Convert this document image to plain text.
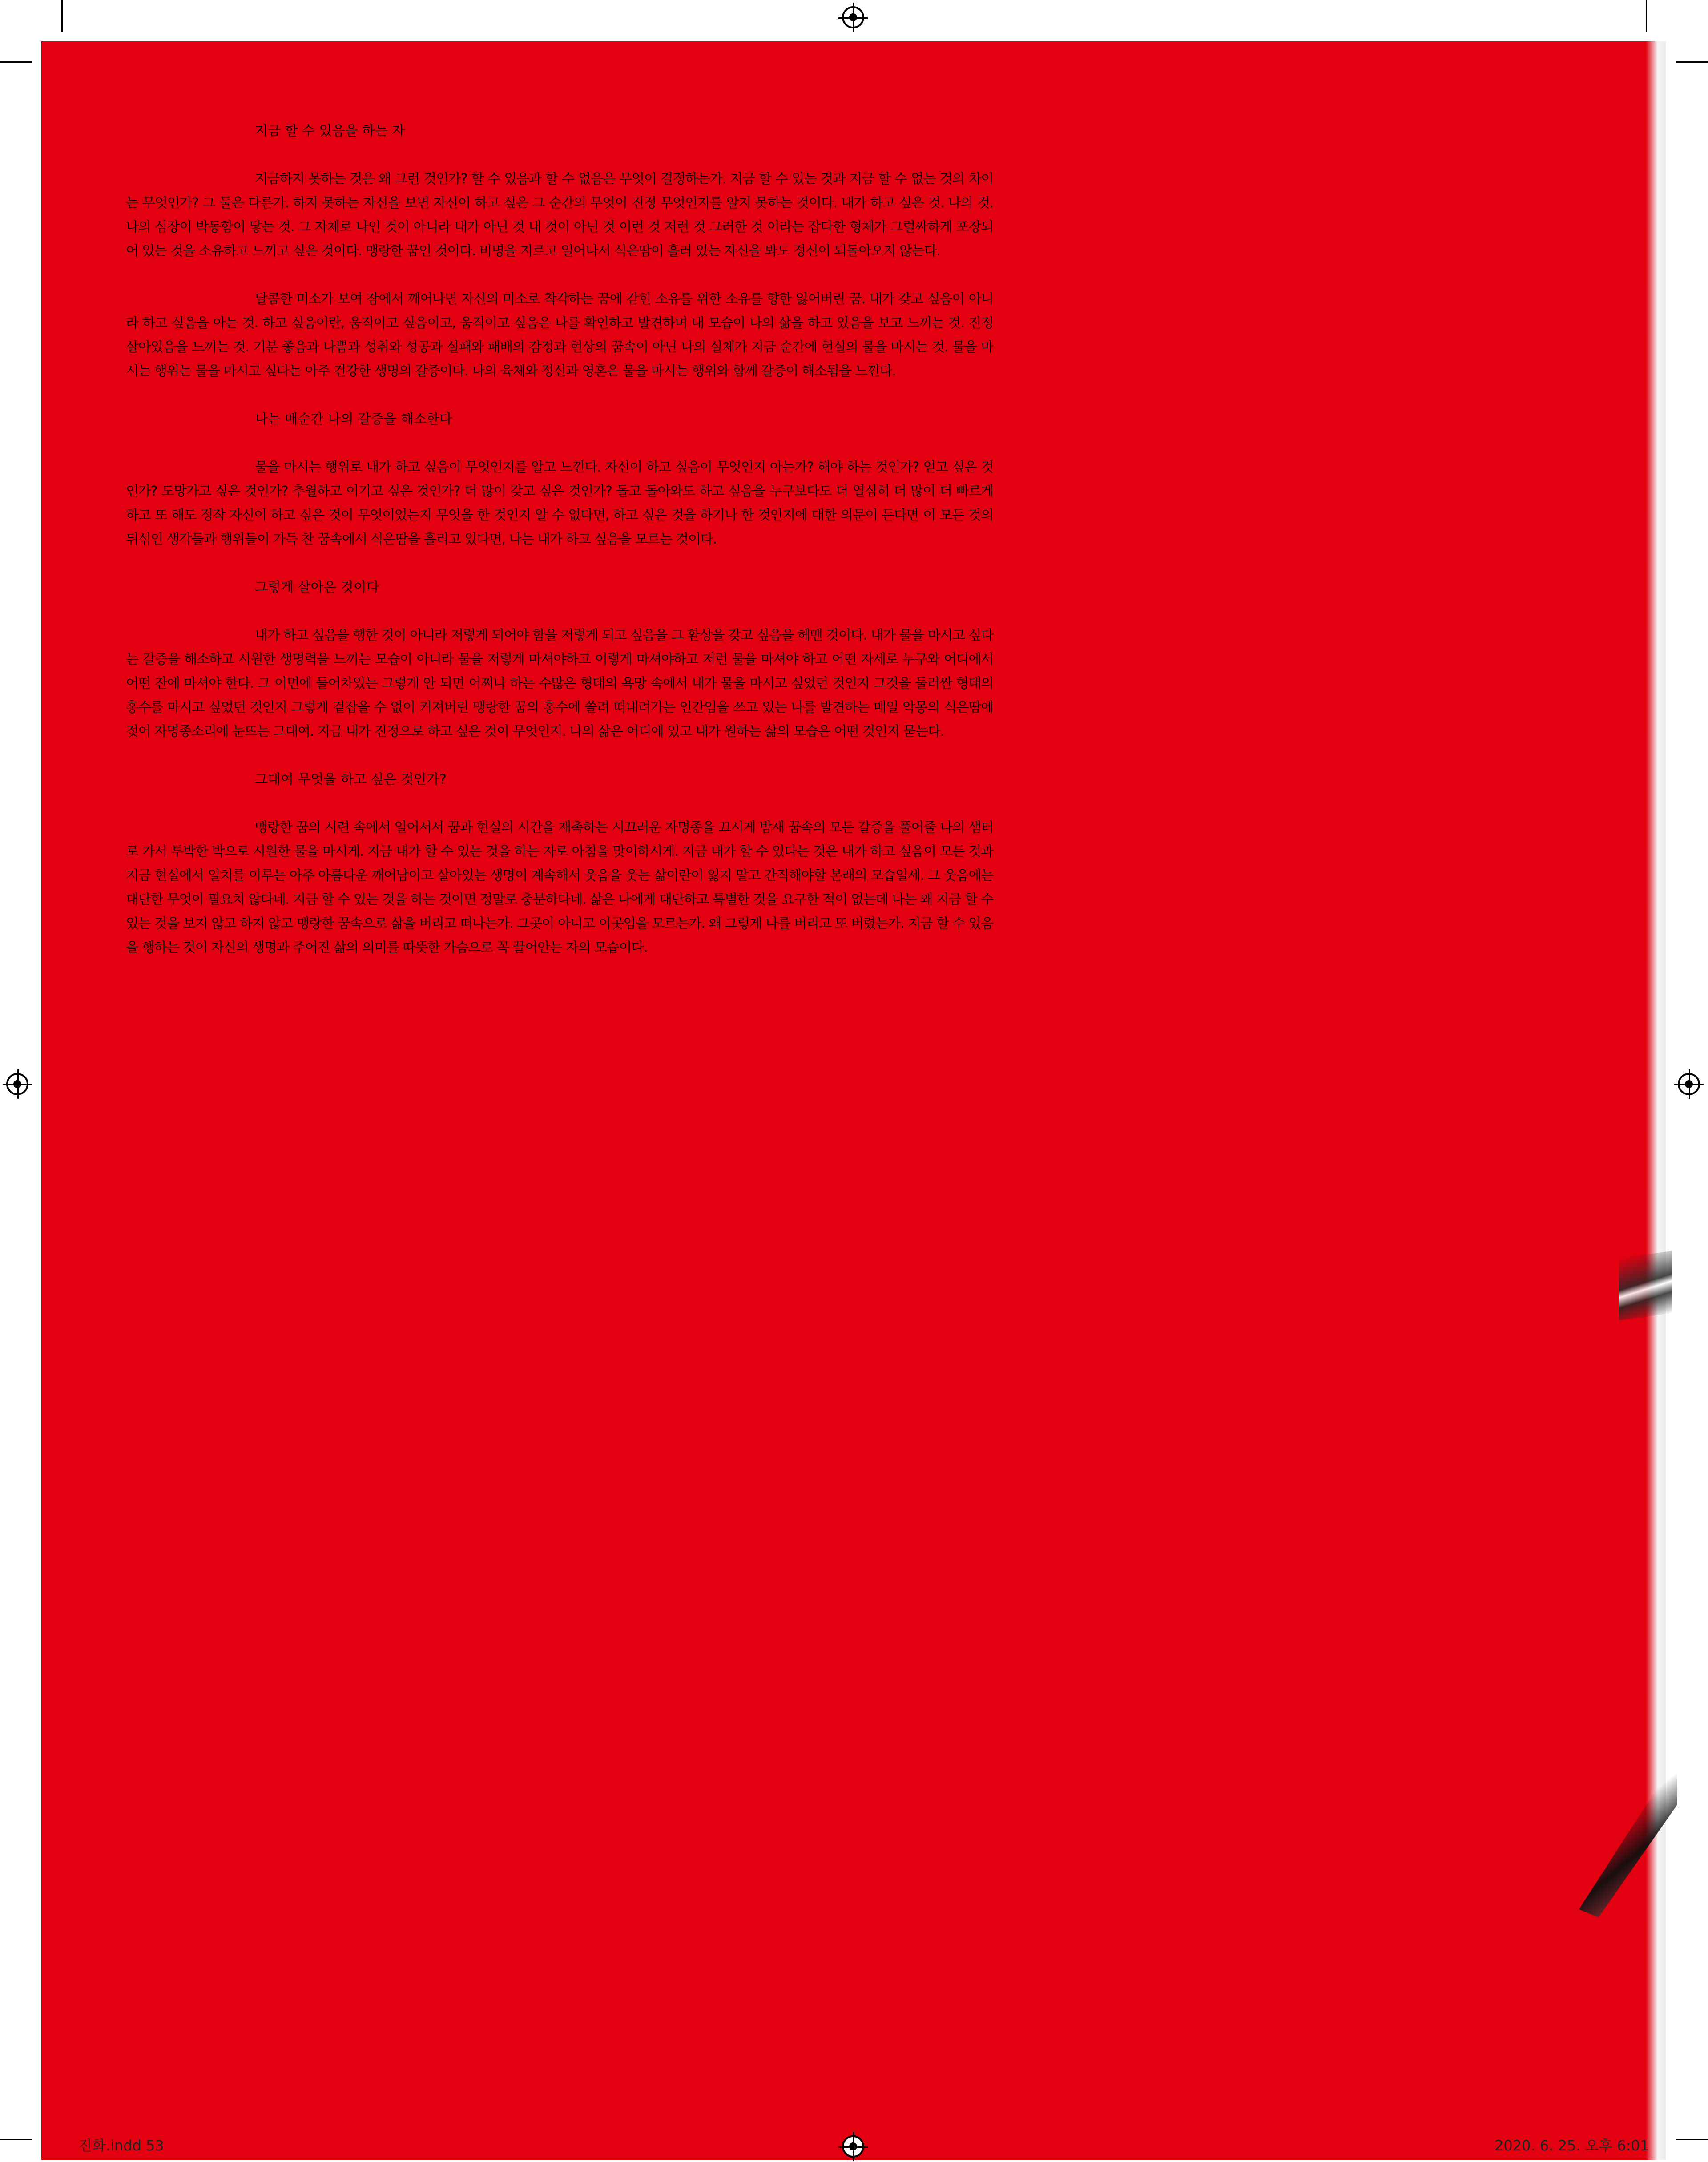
지금 할 수 있음을 하는 자

지금하지 못하는 것은 왜 그런 것인가? 할 수 있음과 할 수 없음은 무엇이 결정하는가. 지금 할 수 있는 것과 지금 할 수 없는 것의 차이는 무엇인가? 그 둘은 다른가. 하지 못하는 자신을 보면 자신이 하고 싶은 그 순간의 무엇이 진정 무엇인지를 알지 못하는 것이다. 내가 하고 싶은 것. 나의 것. 나의 심장이 박동함이 닿는 것. 그 자체로 나인 것이 아니라 내가 아닌 것 내 것이 아닌 것 이런 것 저런 것 그러한 것 이라는 잡다한 형체가 그럴싸하게 포장되어 있는 것을 소유하고 느끼고 싶은 것이다. 맹랑한 꿈인 것이다. 비명을 지르고 일어나서 식은땀이 흘러 있는 자신을 봐도 정신이 되돌아오지 않는다.

달콤한 미소가 보여 잠에서 깨어나면 자신의 미소로 착각하는 꿈에 갇힌 소유를 위한 소유를 향한 잃어버린 꿈. 내가 갖고 싶음이 아니라 하고 싶음을 아는 것. 하고 싶음이란, 움직이고 싶음이고, 움직이고 싶음은 나를 확인하고 발견하며 내 모습이 나의 삶을 하고 있음을 보고 느끼는 것. 진정 살아있음을 느끼는 것. 기분 좋음과 나쁨과 성취와 성공과 실패와 패배의 감정과 현상의 꿈속이 아닌 나의 실체가 지금 순간에 현실의 물을 마시는 것. 물을 마시는 행위는 물을 마시고 싶다는 아주 건강한 생명의 갈증이다. 나의 육체와 정신과 영혼은 물을 마시는 행위와 함께 갈증이 해소됨을 느낀다.

나는 매순간 나의 갈증을 해소한다

물을 마시는 행위로 내가 하고 싶음이 무엇인지를 알고 느낀다. 자신이 하고 싶음이 무엇인지 아는가? 해야 하는 것인가? 얻고 싶은 것인가? 도망가고 싶은 것인가? 추월하고 이기고 싶은 것인가? 더 많이 갖고 싶은 것인가? 돌고 돌아와도 하고 싶음을 누구보다도 더 열심히 더 많이 더 빠르게 하고 또 해도 정작 자신이 하고 싶은 것이 무엇이었는지 무엇을 한 것인지 알 수 없다면, 하고 싶은 것을 하기나 한 것인지에 대한 의문이 든다면 이 모든 것의 뒤섞인 생각들과 행위들이 가득 찬 꿈속에서 식은땀을 흘리고 있다면, 나는 내가 하고 싶음을 모르는 것이다.

그렇게 살아온 것이다

내가 하고 싶음을 행한 것이 아니라 저렇게 되어야 함을 저렇게 되고 싶음을 그 환상을 갖고 싶음을 헤맨 것이다. 내가 물을 마시고 싶다는 갈증을 해소하고 시원한 생명력을 느끼는 모습이 아니라 물을 저렇게 마셔야하고 이렇게 마셔야하고 저런 물을 마셔야 하고 어떤 자세로 누구와 어디에서 어떤 잔에 마셔야 한다. 그 이면에 들어차있는 그렇게 안 되면 어쩌나 하는 수많은 형태의 욕망 속에서 내가 물을 마시고 싶었던 것인지 그것을 둘러싼 형태의 홍수를 마시고 싶었던 것인지 그렇게 겉잡을 수 없이 커져버린 맹랑한 꿈의 홍수에 쓸려 떠내려가는 인간임을 쓰고 있는 나를 발견하는 매일 악몽의 식은땀에 젖어 자명종소리에 눈뜨는 그대여. 지금 내가 진정으로 하고 싶은 것이 무엇인지. 나의 삶은 어디에 있고 내가 원하는 삶의 모습은 어떤 것인지 묻는다.

그대여 무엇을 하고 싶은 것인가?

맹랑한 꿈의 시련 속에서 일어서서 꿈과 현실의 시간을 재촉하는 시끄러운 자명종을 끄시게 밤새 꿈속의 모든 갈증을 풀어줄 나의 샘터로 가서 투박한 박으로 시원한 물을 마시게. 지금 내가 할 수 있는 것을 하는 자로 아침을 맞이하시게. 지금 내가 할 수 있다는 것은 내가 하고 싶음이 모든 것과 지금 현실에서 일치를 이루는 아주 아름다운 깨어남이고 살아있는 생명이 계속해서 웃음을 웃는 삶이란이 잃지 말고 간직해야할 본래의 모습일세. 그 웃음에는 대단한 무엇이 필요치 않다네. 지금 할 수 있는 것을 하는 것이면 정말로 충분하다네. 삶은 나에게 대단하고 특별한 것을 요구한 적이 없는데 나는 왜 지금 할 수 있는 것을 보지 않고 하지 않고 맹랑한 꿈속으로 삶을 버리고 떠나는가. 그곳이 아니고 이곳임을 모르는가. 왜 그렇게 나를 버리고 또 버렸는가. 지금 할 수 있음을 행하는 것이 자신의 생명과 주어진 삶의 의미를 따뜻한 가슴으로 꼭 끌어안는 자의 모습이다.

진화.indd 53	2020. 6. 25. 오후 6:01
